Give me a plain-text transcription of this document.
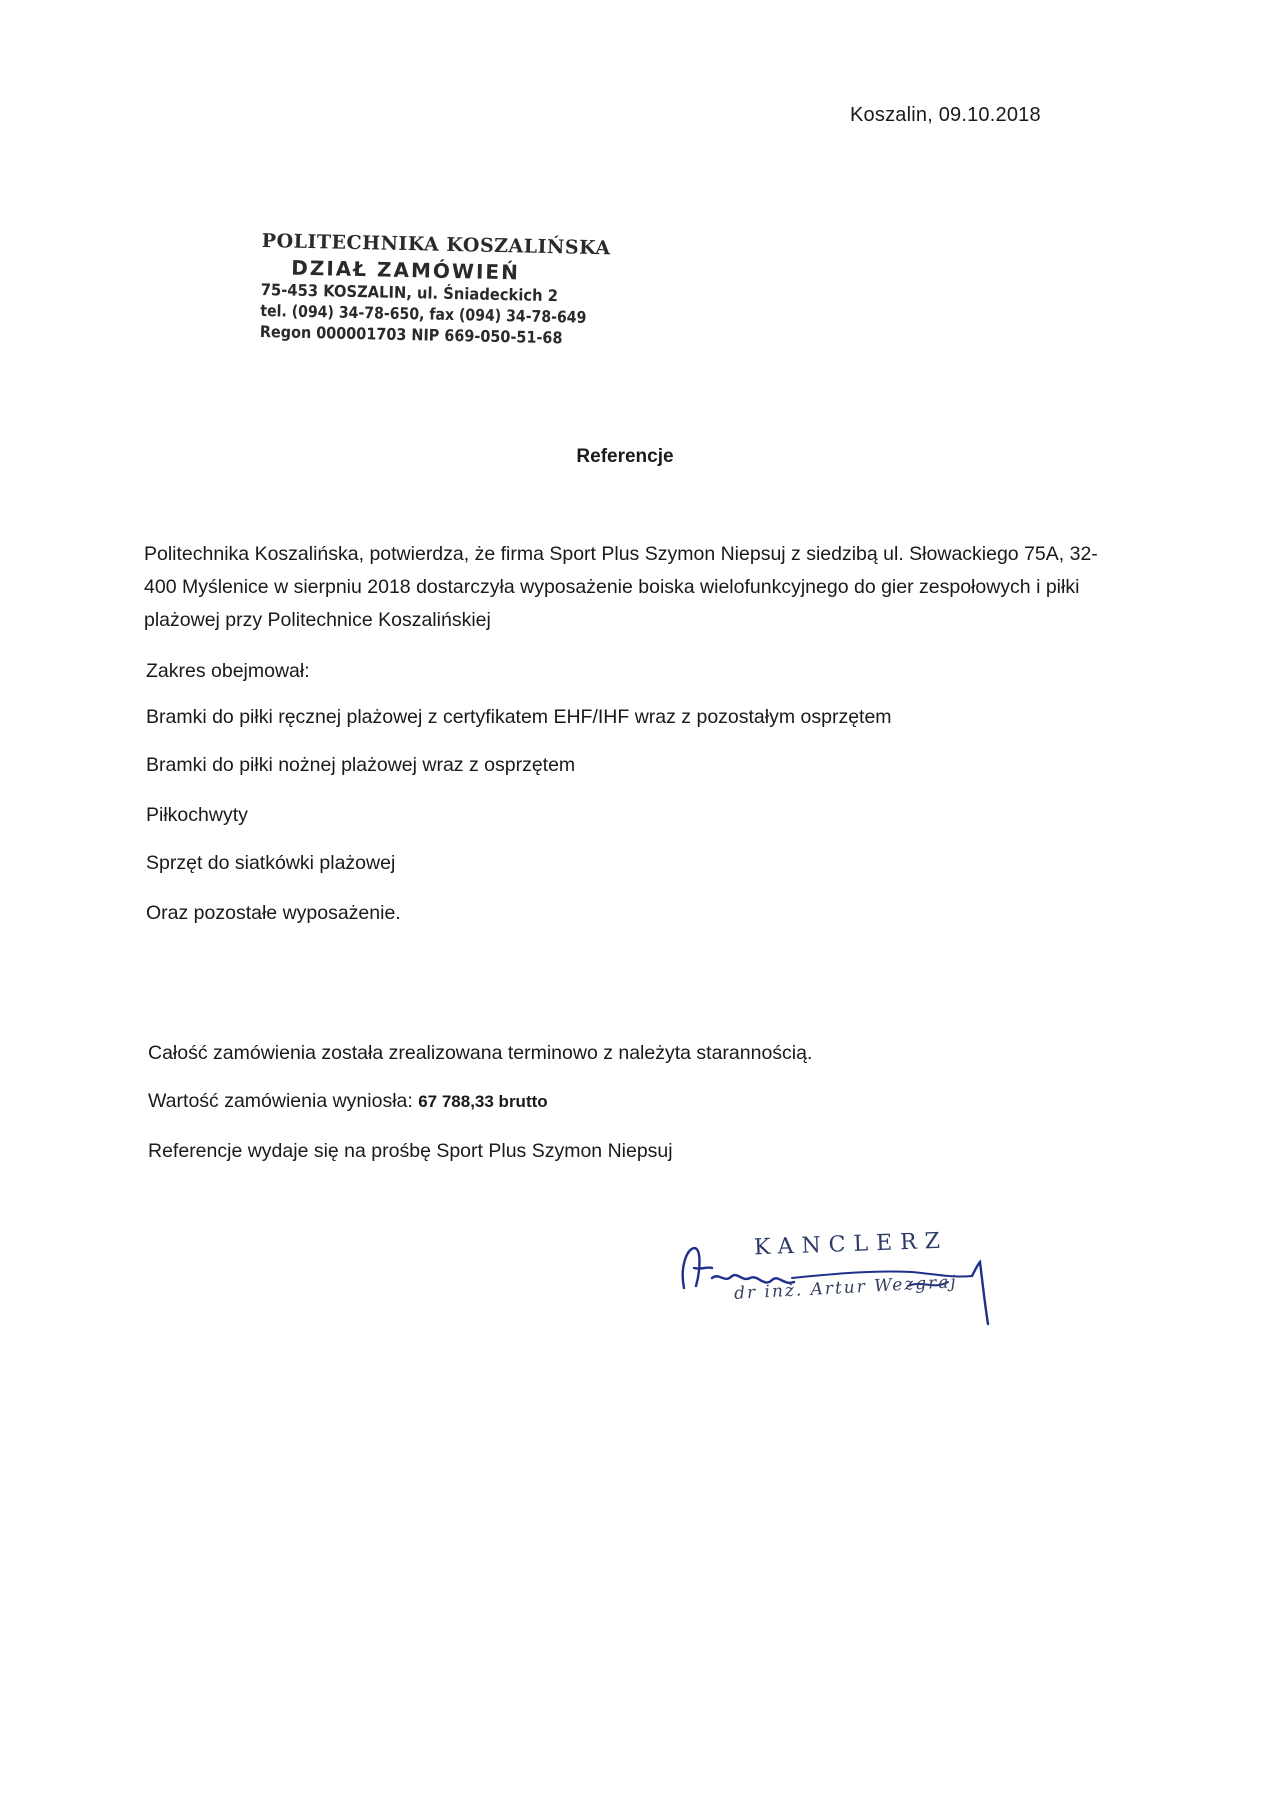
Koszalin, 09.10.2018
POLITECHNIKA KOSZALIŃSKA
DZIAŁ ZAMÓWIEŃ
75-453 KOSZALIN, ul. Śniadeckich 2
tel. (094) 34-78-650, fax (094) 34-78-649
Regon 000001703 NIP 669-050-51-68
Referencje
Politechnika Koszalińska, potwierdza, że firma Sport Plus Szymon Niepsuj z siedzibą ul. Słowackiego 75A, 32-400 Myślenice w sierpniu 2018 dostarczyła wyposażenie boiska wielofunkcyjnego do gier zespołowych i piłki plażowej przy Politechnice Koszalińskiej
Zakres obejmował:
Bramki do piłki ręcznej plażowej z certyfikatem EHF/IHF wraz z pozostałym osprzętem
Bramki do piłki nożnej plażowej wraz z osprzętem
Piłkochwyty
Sprzęt do siatkówki plażowej
Oraz pozostałe wyposażenie.
Całość zamówienia została zrealizowana terminowo z należyta starannością.
Wartość zamówienia wyniosła: 67 788,33 brutto
Referencje wydaje się na prośbę Sport Plus Szymon Niepsuj
KANCLERZ
dr inż. Artur Wezgraj
